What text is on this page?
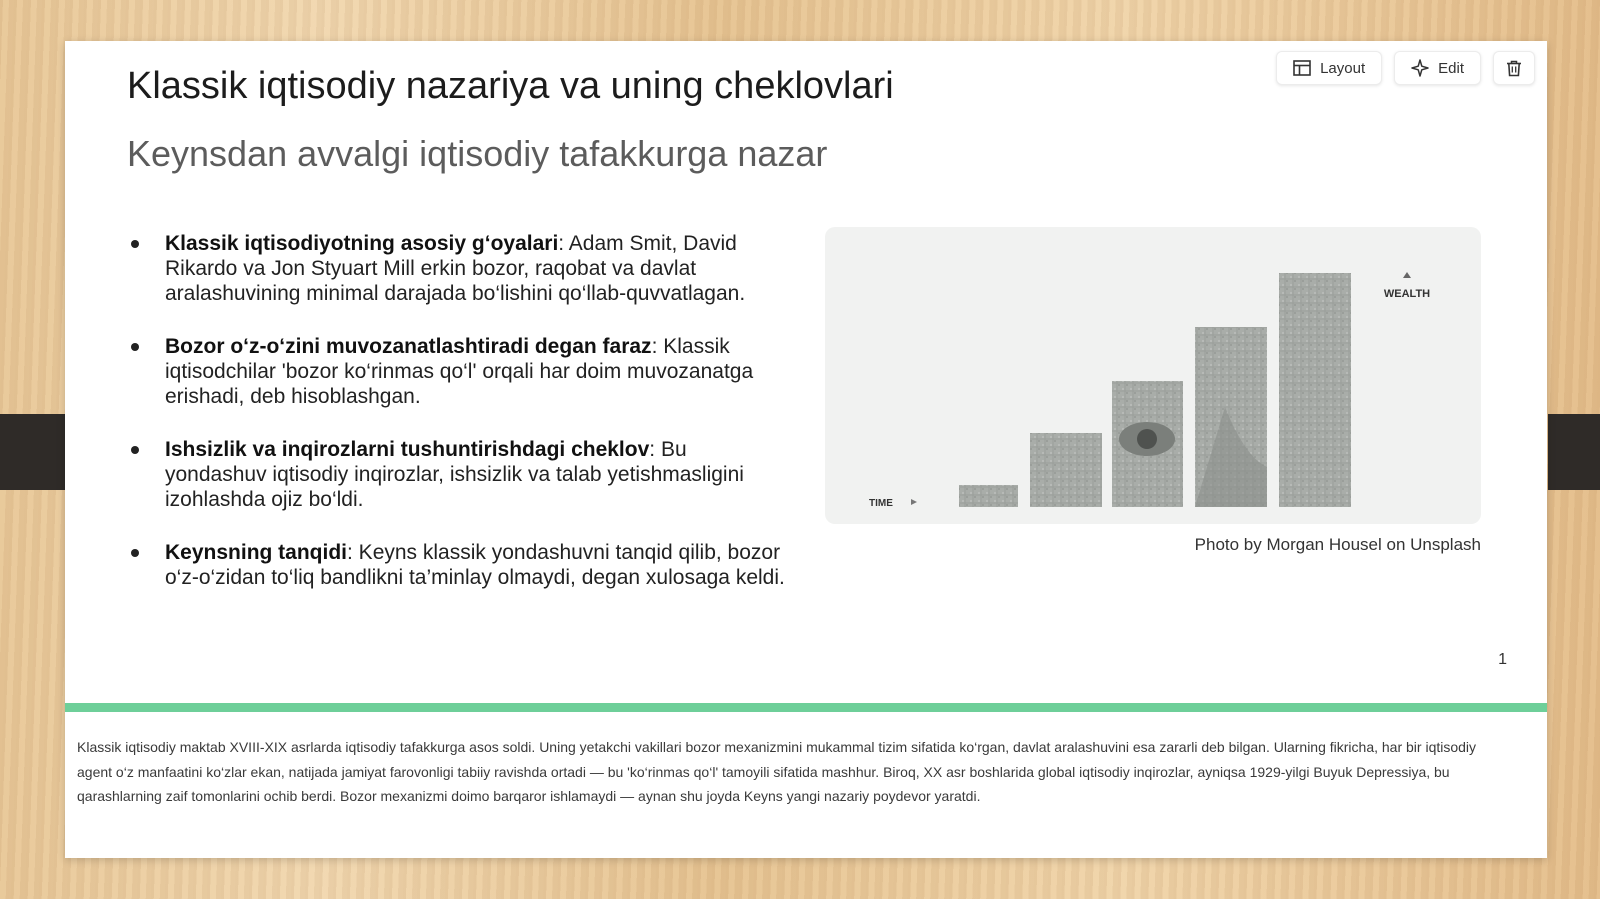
Layout	Edit
Klassik iqtisodiy nazariya va uning cheklovlari
Keynsdan avvalgi iqtisodiy tafakkurga nazar
Klassik iqtisodiyotning asosiy g‘oyalari: Adam Smit, David Rikardo va Jon Styuart Mill erkin bozor, raqobat va davlat aralashuvining minimal darajada bo‘lishini qo‘llab-quvvatlagan.
Bozor o‘z-o‘zini muvozanatlashtiradi degan faraz: Klassik iqtisodchilar 'bozor ko‘rinmas qo‘l' orqali har doim muvozanatga erishadi, deb hisoblashgan.
Ishsizlik va inqirozlarni tushuntirishdagi cheklov: Bu yondashuv iqtisodiy inqirozlar, ishsizlik va talab yetishmasligini izohlashda ojiz bo‘ldi.
Keynsning tanqidi: Keyns klassik yondashuvni tanqid qilib, bozor o‘z-o‘zidan to‘liq bandlikni ta’minlay olmaydi, degan xulosaga keldi.
WEALTH
TIME
Photo by Morgan Housel on Unsplash
1

Klassik iqtisodiy maktab XVIII-XIX asrlarda iqtisodiy tafakkurga asos soldi. Uning yetakchi vakillari bozor mexanizmini mukammal tizim sifatida ko‘rgan, davlat aralashuvini esa zararli deb bilgan. Ularning fikricha, har bir iqtisodiy agent o‘z manfaatini ko‘zlar ekan, natijada jamiyat farovonligi tabiiy ravishda ortadi — bu 'ko‘rinmas qo‘l' tamoyili sifatida mashhur. Biroq, XX asr boshlarida global iqtisodiy inqirozlar, ayniqsa 1929-yilgi Buyuk Depressiya, bu qarashlarning zaif tomonlarini ochib berdi. Bozor mexanizmi doimo barqaror ishlamaydi — aynan shu joyda Keyns yangi nazariy poydevor yaratdi.
